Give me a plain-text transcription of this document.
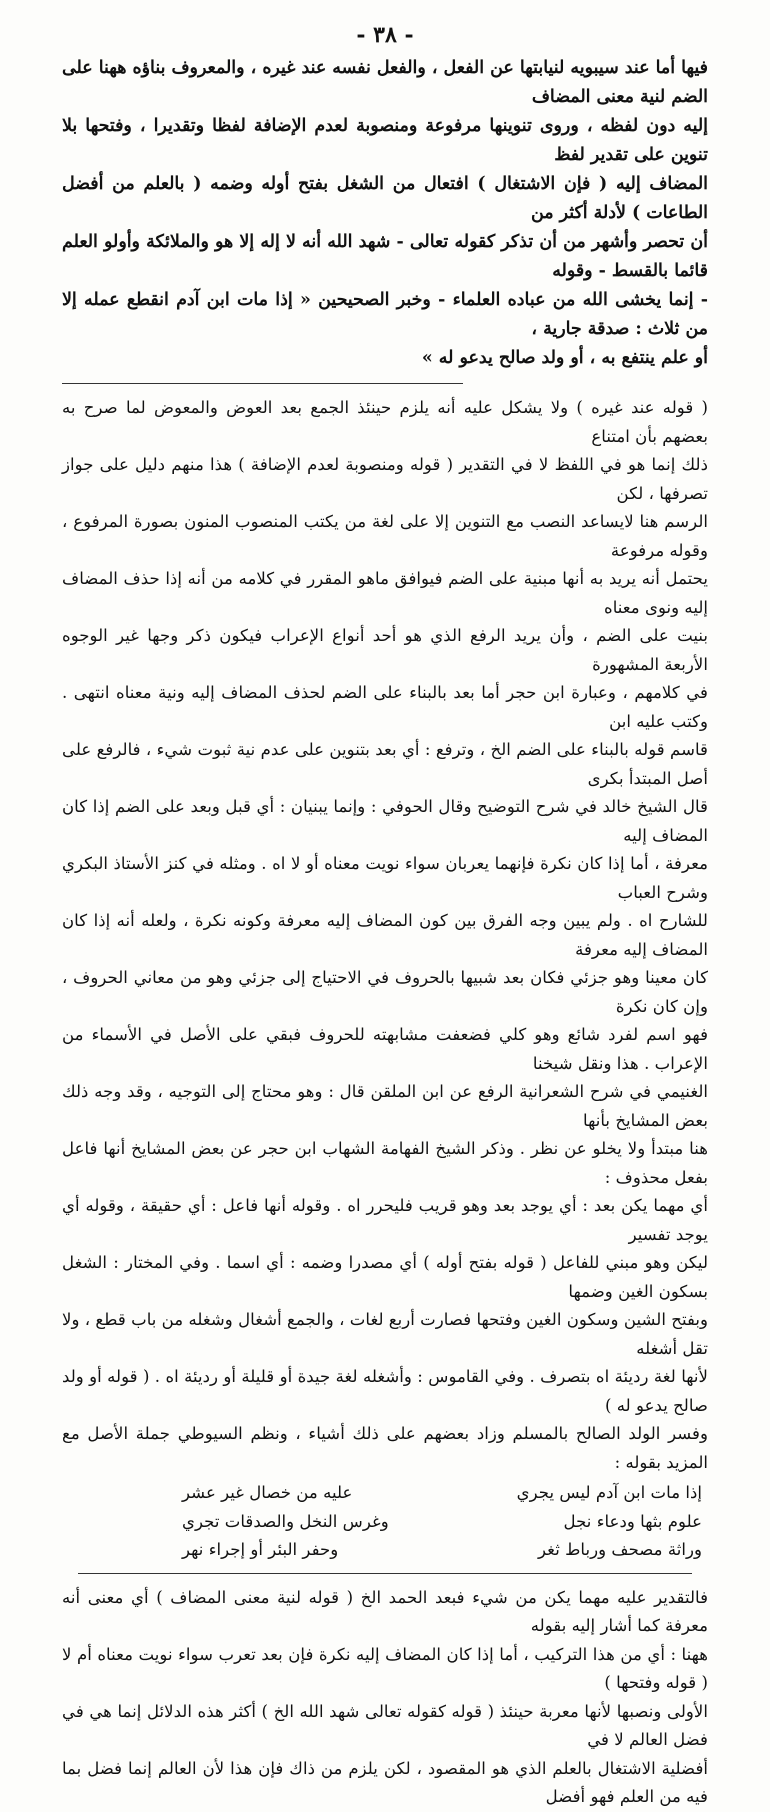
- ٣٨ -

فيها أما عند سيبويه لنيابتها عن الفعل ، والفعل نفسه عند غيره ، والمعروف بناؤه ههنا على الضم لنية معنى المضاف

إليه دون لفظه ، وروى تنوينها مرفوعة ومنصوبة لعدم الإضافة لفظا وتقديرا ، وفتحها بلا تنوين على تقدير لفظ

المضاف إليه ( فإن الاشتغال ) افتعال من الشغل بفتح أوله وضمه ( بالعلم من أفضل الطاعات ) لأدلة أكثر من

أن تحصر وأشهر من أن تذكر كقوله تعالى - شهد الله أنه لا إله إلا هو والملائكة وأولو العلم قائما بالقسط - وقوله

- إنما يخشى الله من عباده العلماء - وخبر الصحيحين « إذا مات ابن آدم انقطع عمله إلا من ثلاث : صدقة جارية ،

أو علم ينتفع به ، أو ولد صالح يدعو له »

( قوله عند غيره ) ولا يشكل عليه أنه يلزم حينئذ الجمع بعد العوض والمعوض لما صرح به بعضهم بأن امتناع

ذلك إنما هو في اللفظ لا في التقدير ( قوله ومنصوبة لعدم الإضافة ) هذا منهم دليل على جواز تصرفها ، لكن

الرسم هنا لايساعد النصب مع التنوين إلا على لغة من يكتب المنصوب المنون بصورة المرفوع ، وقوله مرفوعة

يحتمل أنه يريد به أنها مبنية على الضم فيوافق ماهو المقرر في كلامه من أنه إذا حذف المضاف إليه ونوى معناه

بنيت على الضم ، وأن يريد الرفع الذي هو أحد أنواع الإعراب فيكون ذكر وجها غير الوجوه الأربعة المشهورة

في كلامهم ، وعبارة ابن حجر أما بعد بالبناء على الضم لحذف المضاف إليه ونية معناه انتهى . وكتب عليه ابن

قاسم قوله بالبناء على الضم الخ ، وترفع : أي بعد بتنوين على عدم نية ثبوت شيء ، فالرفع على أصل المبتدأ بكرى

قال الشيخ خالد في شرح التوضيح وقال الحوفي : وإنما يبنيان : أي قبل وبعد على الضم إذا كان المضاف إليه

معرفة ، أما إذا كان نكرة فإنهما يعربان سواء نويت معناه أو لا اه . ومثله في كنز الأستاذ البكري وشرح العباب

للشارح اه . ولم يبين وجه الفرق بين كون المضاف إليه معرفة وكونه نكرة ، ولعله أنه إذا كان المضاف إليه معرفة

كان معينا وهو جزئي فكان بعد شبيها بالحروف في الاحتياج إلى جزئي وهو من معاني الحروف ، وإن كان نكرة

فهو اسم لفرد شائع وهو كلي فضعفت مشابهته للحروف فبقي على الأصل في الأسماء من الإعراب . هذا ونقل شيخنا

الغنيمي في شرح الشعرانية الرفع عن ابن الملقن قال : وهو محتاج إلى التوجيه ، وقد وجه ذلك بعض المشايخ بأنها

هنا مبتدأ ولا يخلو عن نظر . وذكر الشيخ الفهامة الشهاب ابن حجر عن بعض المشايخ أنها فاعل بفعل محذوف :

أي مهما يكن بعد : أي يوجد بعد وهو قريب فليحرر اه . وقوله أنها فاعل : أي حقيقة ، وقوله أي يوجد تفسير

ليكن وهو مبني للفاعل ( قوله بفتح أوله ) أي مصدرا وضمه : أي اسما . وفي المختار : الشغل بسكون الغين وضمها

وبفتح الشين وسكون الغين وفتحها فصارت أربع لغات ، والجمع أشغال وشغله من باب قطع ، ولا تقل أشغله

لأنها لغة رديئة اه بتصرف . وفي القاموس : وأشغله لغة جيدة أو قليلة أو رديئة اه . ( قوله أو ولد صالح يدعو له )

وفسر الولد الصالح بالمسلم وزاد بعضهم على ذلك أشياء ، ونظم السيوطي جملة الأصل مع المزيد بقوله :

إذا مات ابن آدم ليس يجري
عليه من خصال غير عشر
علوم بثها ودعاء نجل
وغرس النخل والصدقات تجري
وراثة مصحف ورباط ثغر
وحفر البئر أو إجراء نهر

فالتقدير عليه مهما يكن من شيء فبعد الحمد الخ ( قوله لنية معنى المضاف ) أي معنى أنه معرفة كما أشار إليه بقوله

ههنا : أي من هذا التركيب ، أما إذا كان المضاف إليه نكرة فإن بعد تعرب سواء نويت معناه أم لا ( قوله وفتحها )

الأولى ونصبها لأنها معربة حينئذ ( قوله كقوله تعالى شهد الله الخ ) أكثر هذه الدلائل إنما هي في فضل العالم لا في

أفضلية الاشتغال بالعلم الذي هو المقصود ، لكن يلزم من ذاك فإن هذا لأن العالم إنما فضل بما فيه من العلم فهو أفضل
